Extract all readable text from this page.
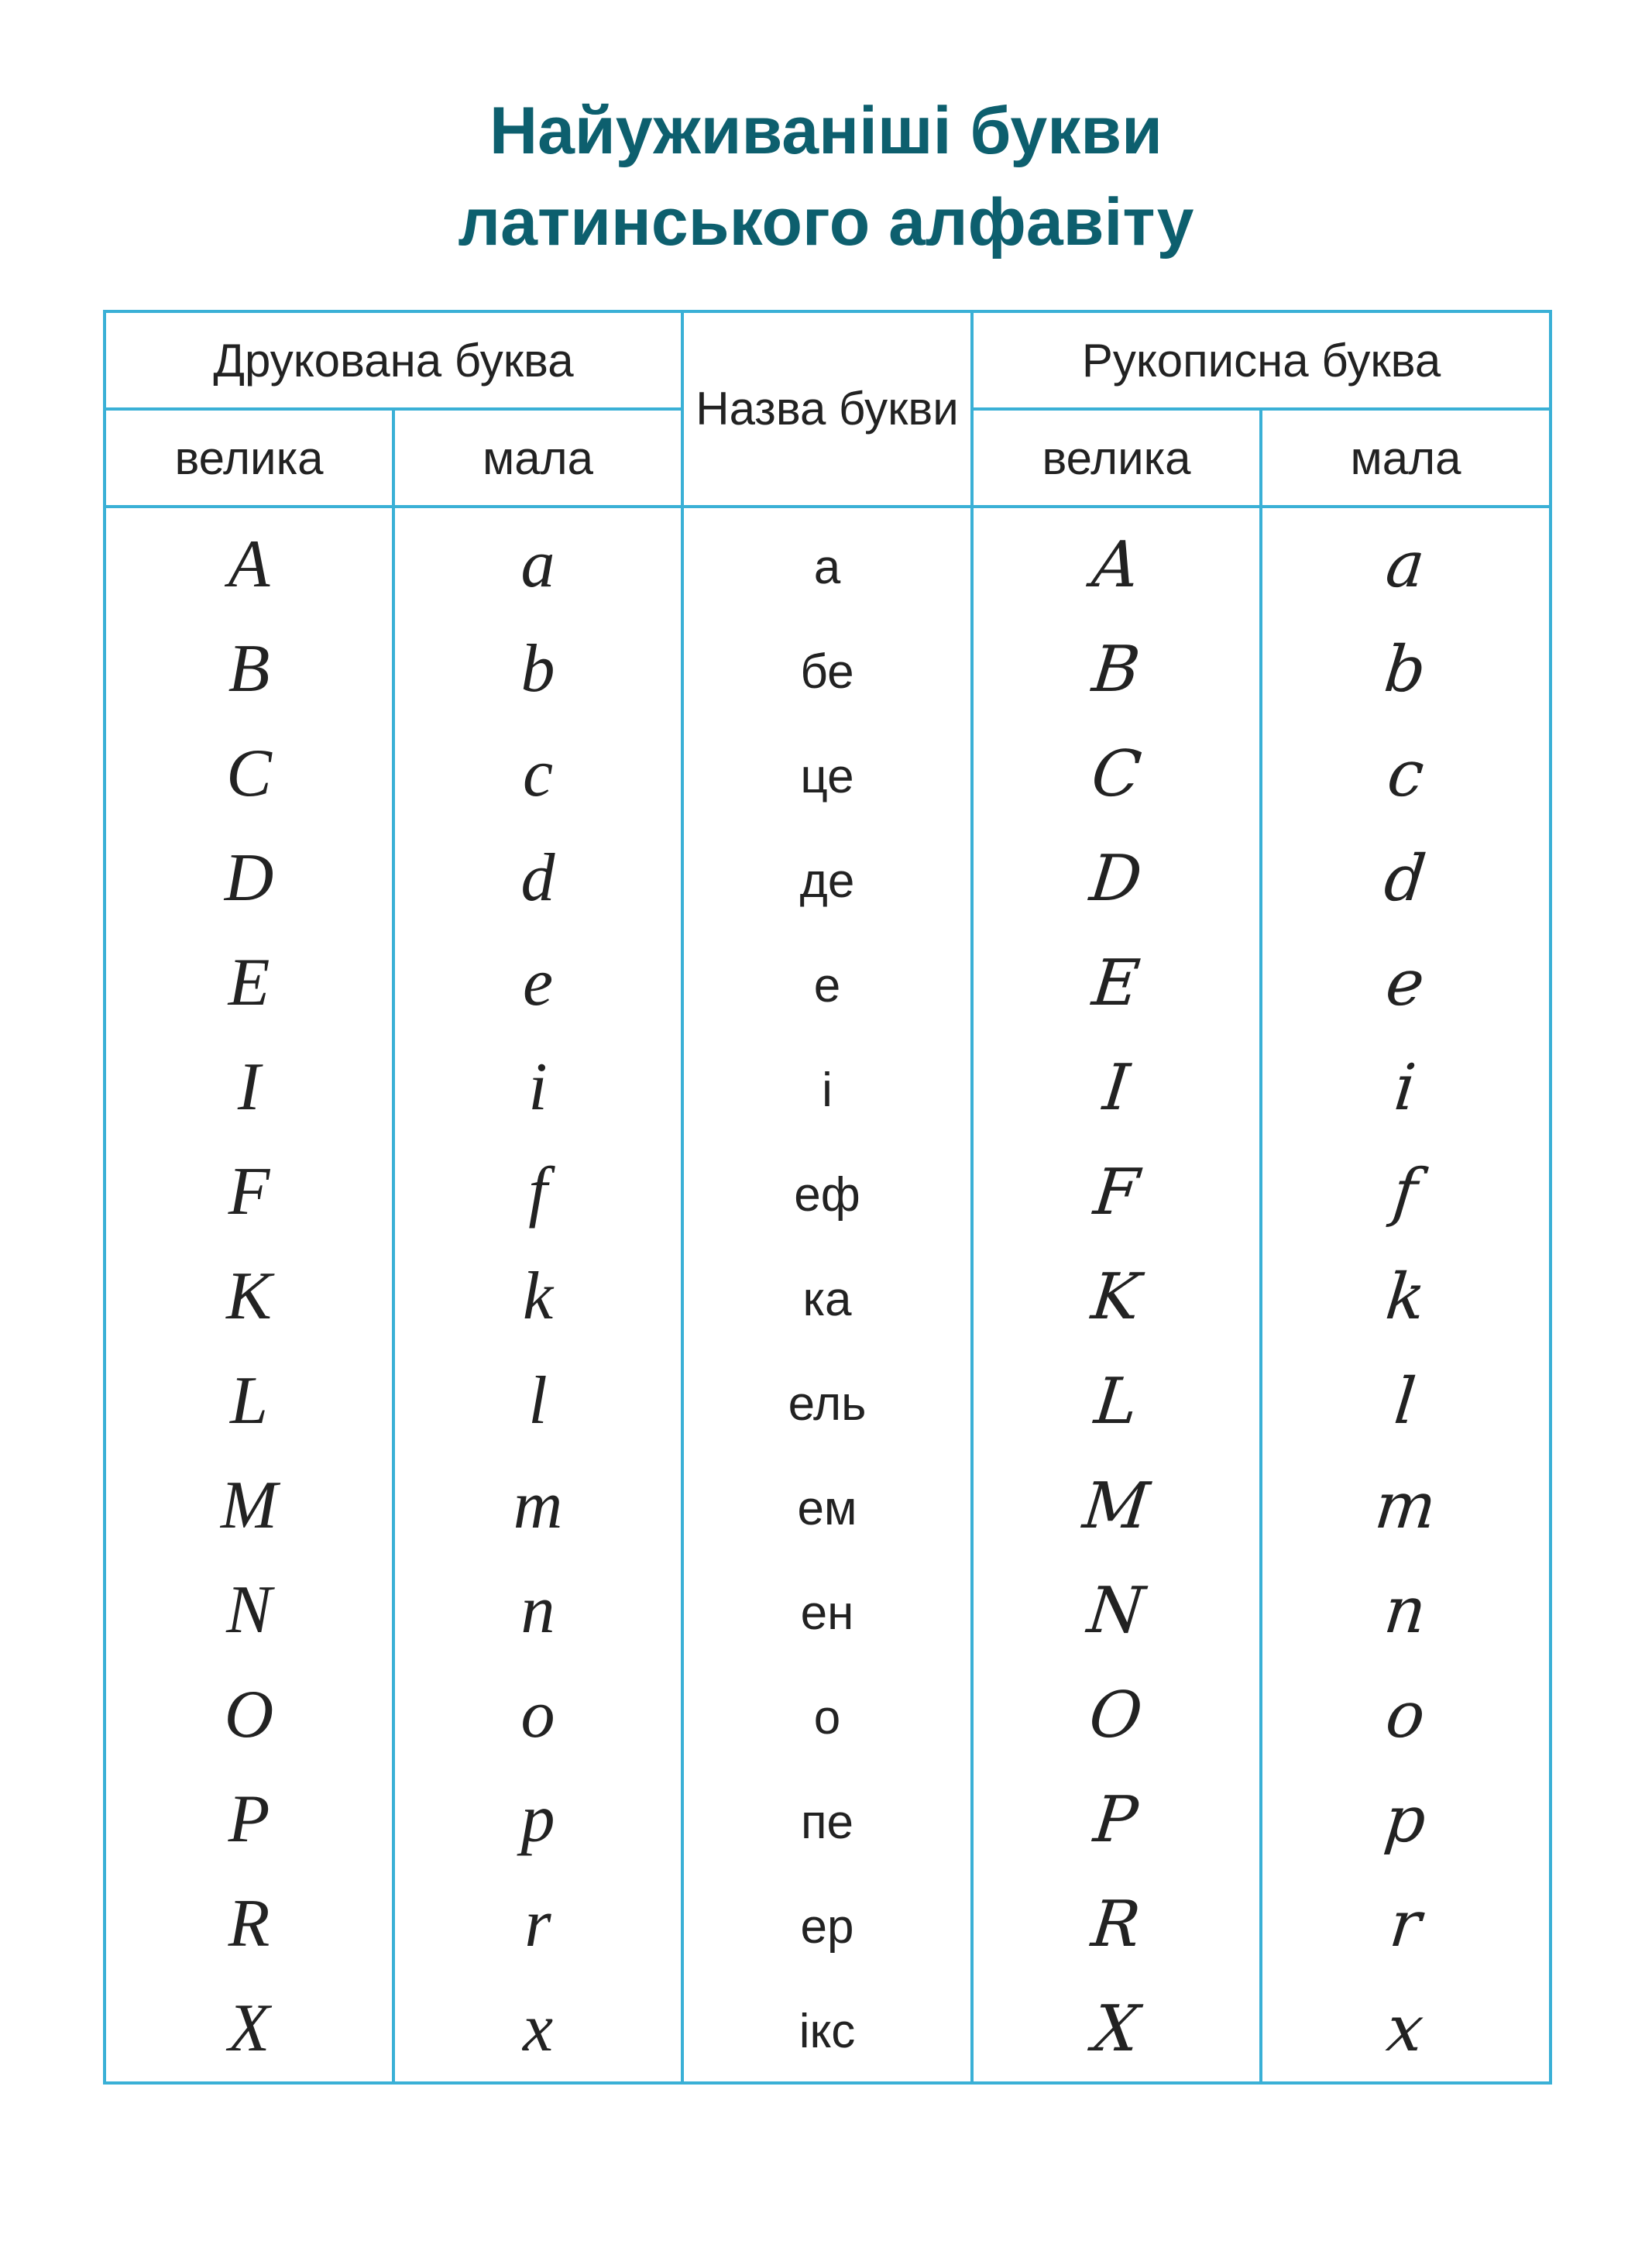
Найуживаніші букви
латинського алфавіту
Друкована буква		Назва букви	Рукописна буква	
велика	мала		велика	мала
A	a	а	A	a
B	b	бе	B	b
C	c	це	C	c
D	d	де	D	d
E	e	е	E	e
I	i	і	I	i
F	f	еф	F	f
K	k	ка	K	k
L	l	ель	L	l
M	m	ем	M	m
N	n	ен	N	n
O	o	о	O	o
P	p	пе	P	p
R	r	ер	R	r
X	x	ікс	X	x
